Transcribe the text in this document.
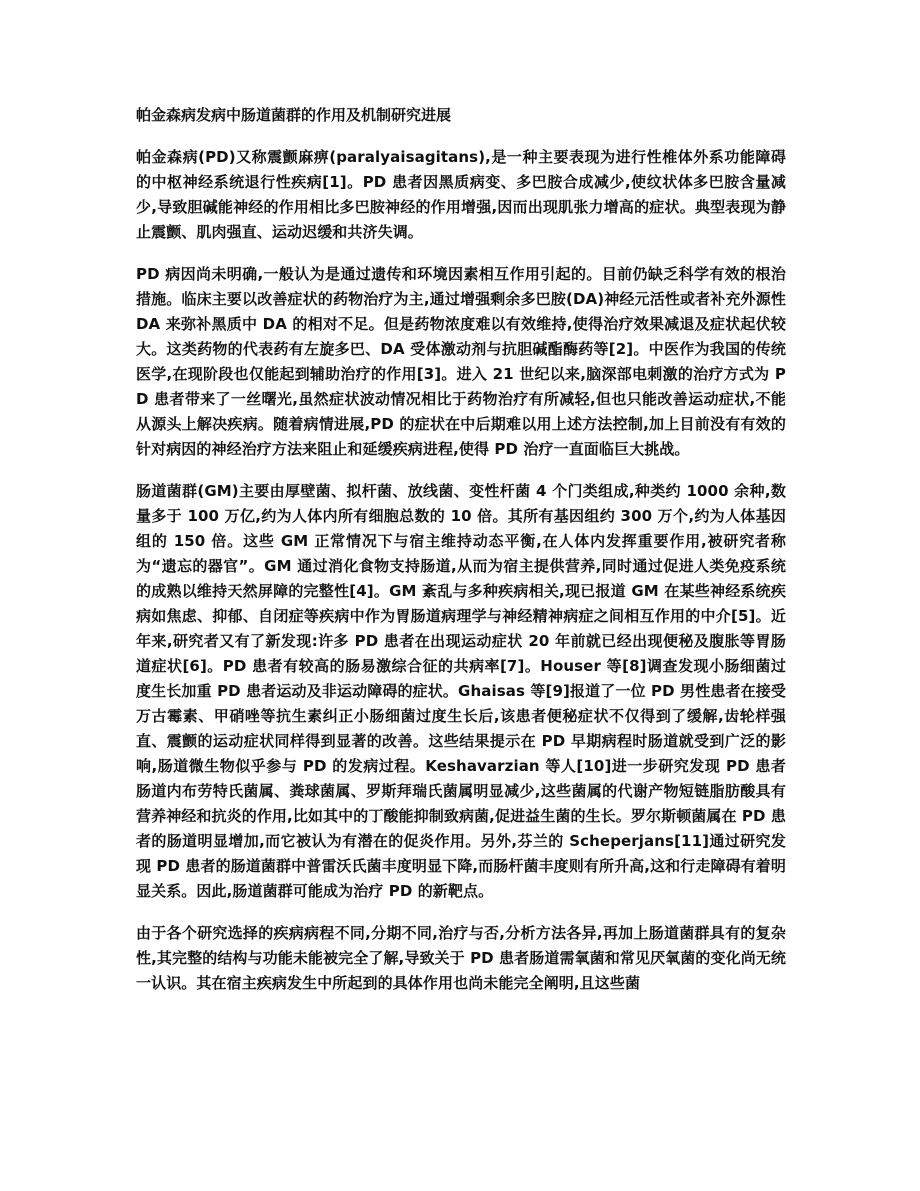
帕金森病发病中肠道菌群的作用及机制研究进展

帕金森病(PD)又称震颤麻痹(paralyaisagitans),是一种主要表现为进行性椎体外系功能障碍的中枢神经系统退行性疾病[1]。PD 患者因黑质病变、多巴胺合成减少,使纹状体多巴胺含量减少,导致胆碱能神经的作用相比多巴胺神经的作用增强,因而出现肌张力增高的症状。典型表现为静止震颤、肌肉强直、运动迟缓和共济失调。

PD 病因尚未明确,一般认为是通过遗传和环境因素相互作用引起的。目前仍缺乏科学有效的根治措施。临床主要以改善症状的药物治疗为主,通过增强剩余多巴胺(DA)神经元活性或者补充外源性 DA 来弥补黑质中 DA 的相对不足。但是药物浓度难以有效维持,使得治疗效果减退及症状起伏较大。这类药物的代表药有左旋多巴、DA 受体激动剂与抗胆碱酯酶药等[2]。中医作为我国的传统医学,在现阶段也仅能起到辅助治疗的作用[3]。进入 21 世纪以来,脑深部电刺激的治疗方式为 PD 患者带来了一丝曙光,虽然症状波动情况相比于药物治疗有所减轻,但也只能改善运动症状,不能从源头上解决疾病。随着病情进展,PD 的症状在中后期难以用上述方法控制,加上目前没有有效的针对病因的神经治疗方法来阻止和延缓疾病进程,使得 PD 治疗一直面临巨大挑战。

肠道菌群(GM)主要由厚壁菌、拟杆菌、放线菌、变性杆菌 4 个门类组成,种类约 1000 余种,数量多于 100 万亿,约为人体内所有细胞总数的 10 倍。其所有基因组约 300 万个,约为人体基因组的 150 倍。这些 GM 正常情况下与宿主维持动态平衡,在人体内发挥重要作用,被研究者称为“遗忘的器官”。GM 通过消化食物支持肠道,从而为宿主提供营养,同时通过促进人类免疫系统的成熟以维持天然屏障的完整性[4]。GM 紊乱与多种疾病相关,现已报道 GM 在某些神经系统疾病如焦虑、抑郁、自闭症等疾病中作为胃肠道病理学与神经精神病症之间相互作用的中介[5]。近年来,研究者又有了新发现:许多 PD 患者在出现运动症状 20 年前就已经出现便秘及腹胀等胃肠道症状[6]。PD 患者有较高的肠易激综合征的共病率[7]。Houser 等[8]调查发现小肠细菌过度生长加重 PD 患者运动及非运动障碍的症状。Ghaisas 等[9]报道了一位 PD 男性患者在接受万古霉素、甲硝唑等抗生素纠正小肠细菌过度生长后,该患者便秘症状不仅得到了缓解,齿轮样强直、震颤的运动症状同样得到显著的改善。这些结果提示在 PD 早期病程时肠道就受到广泛的影响,肠道微生物似乎参与 PD 的发病过程。Keshavarzian 等人[10]进一步研究发现 PD 患者肠道内布劳特氏菌属、粪球菌属、罗斯拜瑞氏菌属明显减少,这些菌属的代谢产物短链脂肪酸具有营养神经和抗炎的作用,比如其中的丁酸能抑制致病菌,促进益生菌的生长。罗尔斯顿菌属在 PD 患者的肠道明显增加,而它被认为有潜在的促炎作用。另外,芬兰的 Scheperjans[11]通过研究发现 PD 患者的肠道菌群中普雷沃氏菌丰度明显下降,而肠杆菌丰度则有所升高,这和行走障碍有着明显关系。因此,肠道菌群可能成为治疗 PD 的新靶点。

由于各个研究选择的疾病病程不同,分期不同,治疗与否,分析方法各异,再加上肠道菌群具有的复杂性,其完整的结构与功能未能被完全了解,导致关于 PD 患者肠道需氧菌和常见厌氧菌的变化尚无统一认识。其在宿主疾病发生中所起到的具体作用也尚未能完全阐明,且这些菌
